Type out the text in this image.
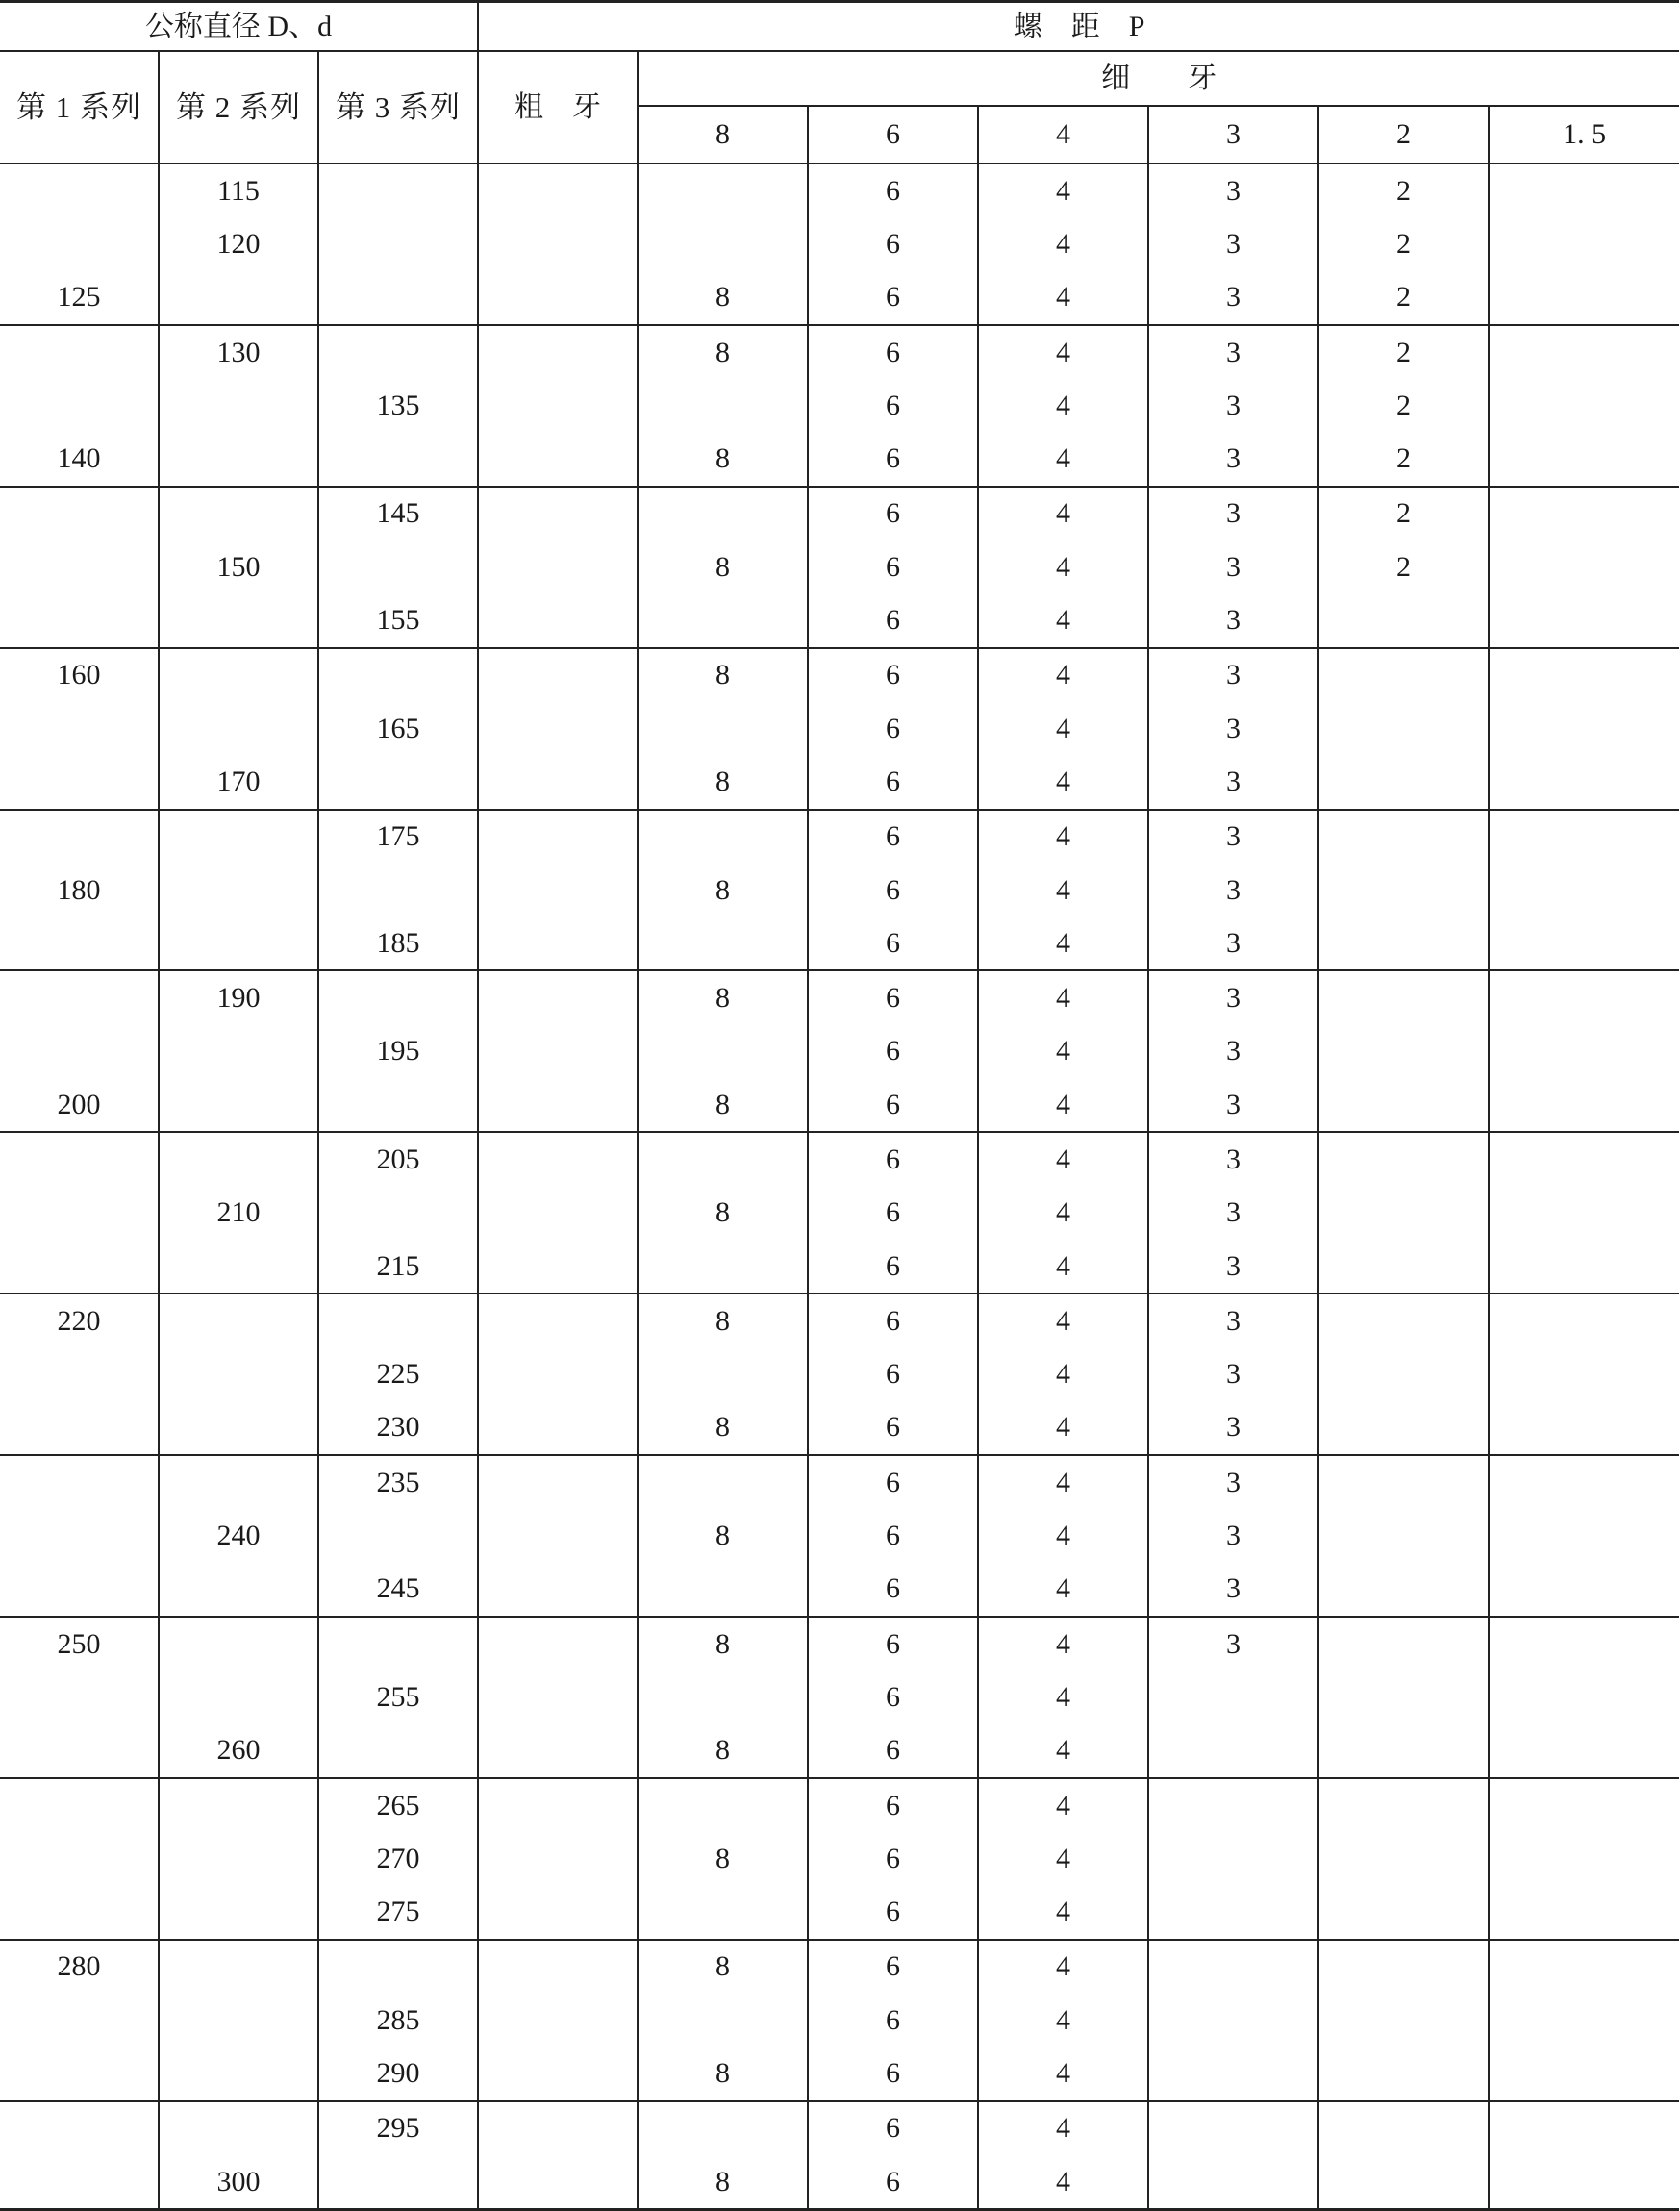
公称直径 D、d			螺　距　P						
第 1 系列	第 2 系列	第 3 系列	粗　牙	细　　牙					
				8	6	4	3	2	1. 5
	115				6	4	3	2	
	120				6	4	3	2	
125				8	6	4	3	2	
	130			8	6	4	3	2	
		135			6	4	3	2	
140				8	6	4	3	2	
		145			6	4	3	2	
	150			8	6	4	3	2	
		155			6	4	3		
160				8	6	4	3		
		165			6	4	3		
	170			8	6	4	3		
		175			6	4	3		
180				8	6	4	3		
		185			6	4	3		
	190			8	6	4	3		
		195			6	4	3		
200				8	6	4	3		
		205			6	4	3		
	210			8	6	4	3		
		215			6	4	3		
220				8	6	4	3		
		225			6	4	3		
		230		8	6	4	3		
		235			6	4	3		
	240			8	6	4	3		
		245			6	4	3		
250				8	6	4	3		
		255			6	4			
	260			8	6	4			
		265			6	4			
		270		8	6	4			
		275			6	4			
280				8	6	4			
		285			6	4			
		290		8	6	4			
		295			6	4			
	300			8	6	4			
